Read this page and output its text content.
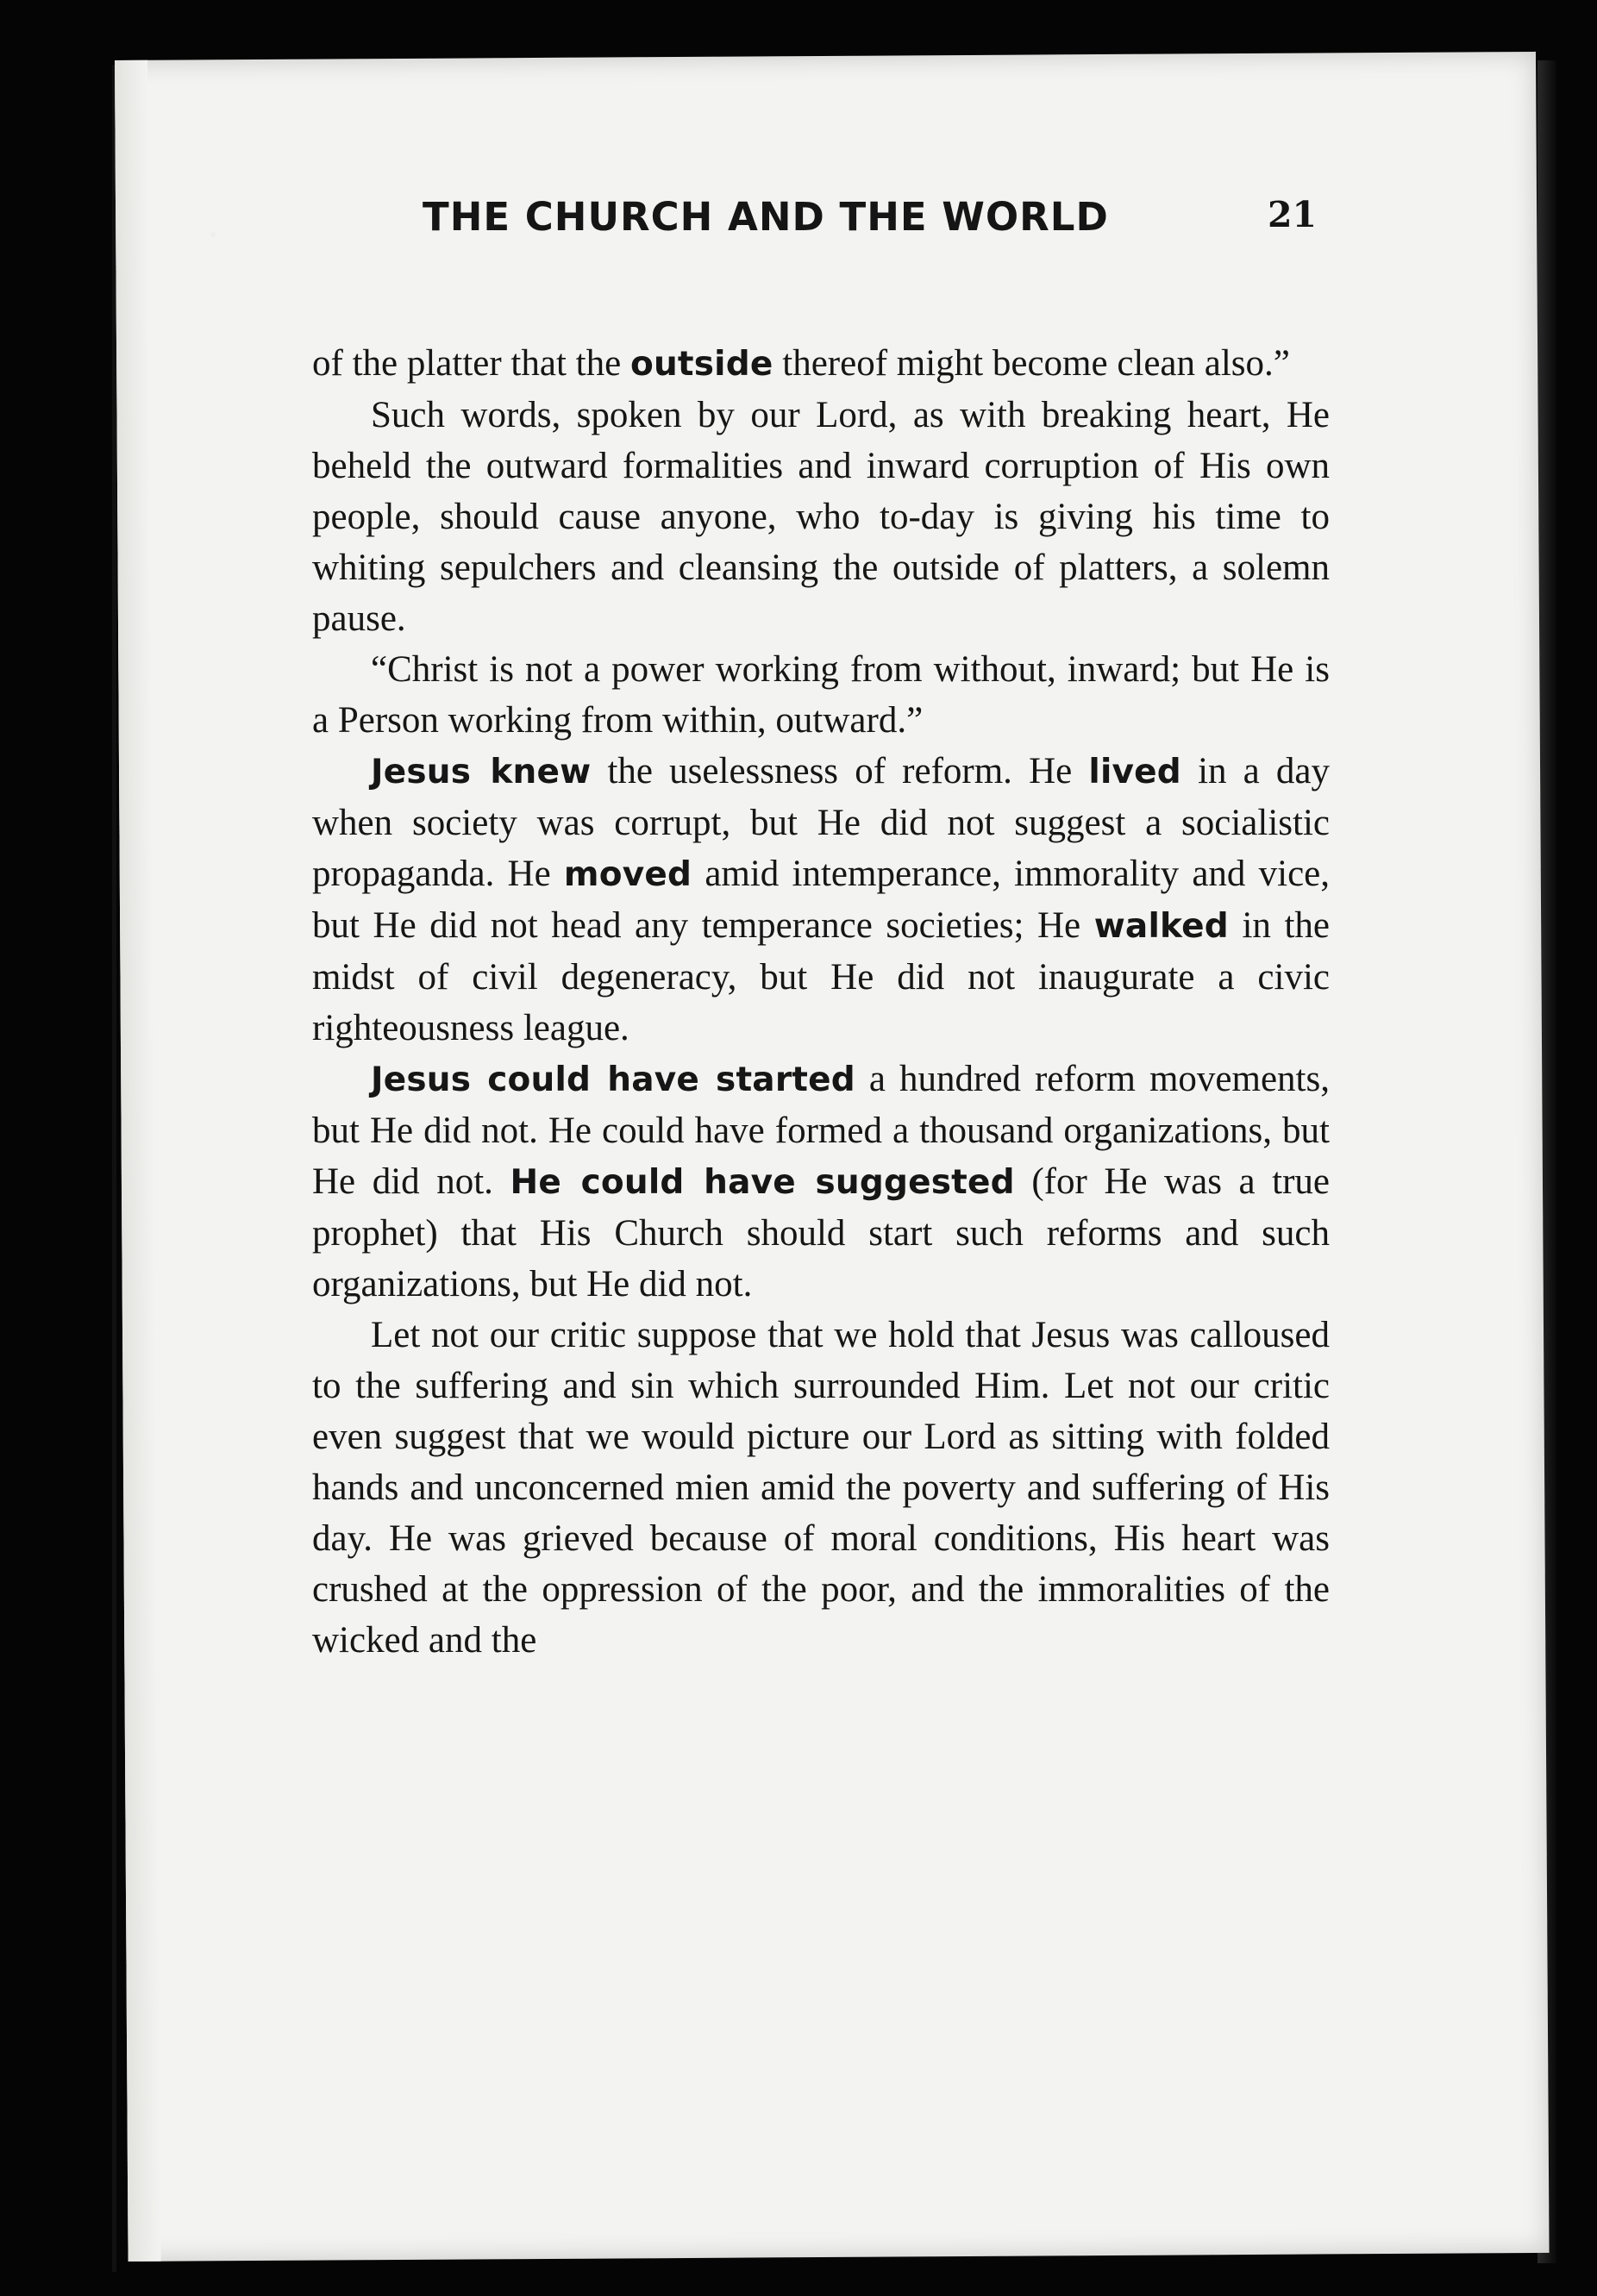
THE CHURCH AND THE WORLD	21

of the platter that the outside thereof might become clean also.”

Such words, spoken by our Lord, as with breaking heart, He beheld the outward formalities and inward corruption of His own people, should cause anyone, who to-day is giving his time to whiting sepulchers and cleansing the outside of platters, a solemn pause.

“Christ is not a power working from without, inward; but He is a Person working from within, outward.”

Jesus knew the uselessness of reform. He lived in a day when society was corrupt, but He did not suggest a socialistic propaganda. He moved amid intemperance, immorality and vice, but He did not head any temperance societies; He walked in the midst of civil degeneracy, but He did not inaugurate a civic righteousness league.

Jesus could have started a hundred reform movements, but He did not. He could have formed a thousand organizations, but He did not. He could have suggested (for He was a true prophet) that His Church should start such reforms and such organizations, but He did not.

Let not our critic suppose that we hold that Jesus was calloused to the suffering and sin which surrounded Him. Let not our critic even suggest that we would picture our Lord as sitting with folded hands and unconcerned mien amid the poverty and suffering of His day. He was grieved because of moral conditions, His heart was crushed at the oppression of the poor, and the immoralities of the wicked and the
